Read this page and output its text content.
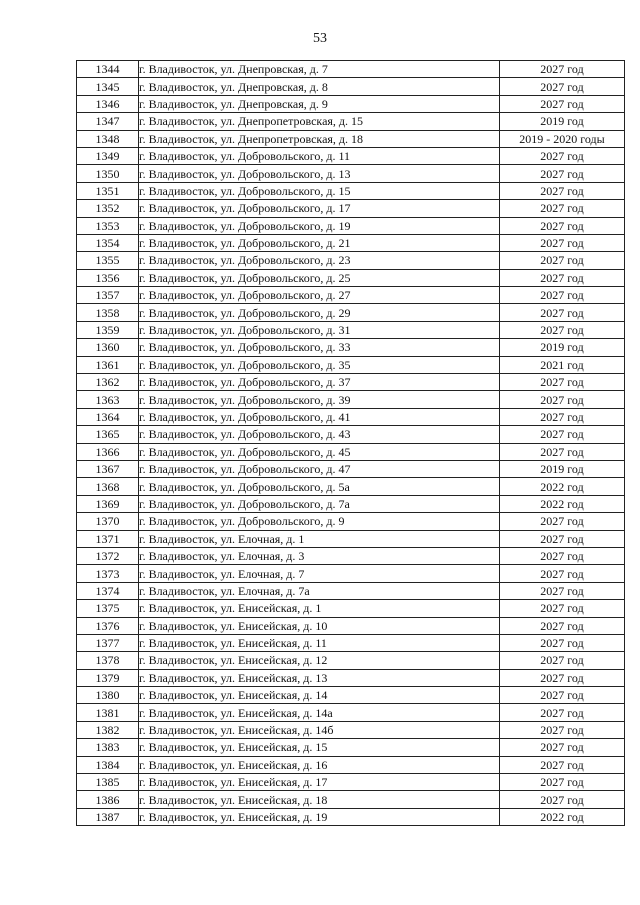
53
1344	г. Владивосток, ул. Днепровская, д. 7	2027 год
1345	г. Владивосток, ул. Днепровская, д. 8	2027 год
1346	г. Владивосток, ул. Днепровская, д. 9	2027 год
1347	г. Владивосток, ул. Днепропетровская, д. 15	2019 год
1348	г. Владивосток, ул. Днепропетровская, д. 18	2019 - 2020 годы
1349	г. Владивосток, ул. Добровольского, д. 11	2027 год
1350	г. Владивосток, ул. Добровольского, д. 13	2027 год
1351	г. Владивосток, ул. Добровольского, д. 15	2027 год
1352	г. Владивосток, ул. Добровольского, д. 17	2027 год
1353	г. Владивосток, ул. Добровольского, д. 19	2027 год
1354	г. Владивосток, ул. Добровольского, д. 21	2027 год
1355	г. Владивосток, ул. Добровольского, д. 23	2027 год
1356	г. Владивосток, ул. Добровольского, д. 25	2027 год
1357	г. Владивосток, ул. Добровольского, д. 27	2027 год
1358	г. Владивосток, ул. Добровольского, д. 29	2027 год
1359	г. Владивосток, ул. Добровольского, д. 31	2027 год
1360	г. Владивосток, ул. Добровольского, д. 33	2019 год
1361	г. Владивосток, ул. Добровольского, д. 35	2021 год
1362	г. Владивосток, ул. Добровольского, д. 37	2027 год
1363	г. Владивосток, ул. Добровольского, д. 39	2027 год
1364	г. Владивосток, ул. Добровольского, д. 41	2027 год
1365	г. Владивосток, ул. Добровольского, д. 43	2027 год
1366	г. Владивосток, ул. Добровольского, д. 45	2027 год
1367	г. Владивосток, ул. Добровольского, д. 47	2019 год
1368	г. Владивосток, ул. Добровольского, д. 5а	2022 год
1369	г. Владивосток, ул. Добровольского, д. 7а	2022 год
1370	г. Владивосток, ул. Добровольского, д. 9	2027 год
1371	г. Владивосток, ул. Елочная, д. 1	2027 год
1372	г. Владивосток, ул. Елочная, д. 3	2027 год
1373	г. Владивосток, ул. Елочная, д. 7	2027 год
1374	г. Владивосток, ул. Елочная, д. 7а	2027 год
1375	г. Владивосток, ул. Енисейская, д. 1	2027 год
1376	г. Владивосток, ул. Енисейская, д. 10	2027 год
1377	г. Владивосток, ул. Енисейская, д. 11	2027 год
1378	г. Владивосток, ул. Енисейская, д. 12	2027 год
1379	г. Владивосток, ул. Енисейская, д. 13	2027 год
1380	г. Владивосток, ул. Енисейская, д. 14	2027 год
1381	г. Владивосток, ул. Енисейская, д. 14а	2027 год
1382	г. Владивосток, ул. Енисейская, д. 14б	2027 год
1383	г. Владивосток, ул. Енисейская, д. 15	2027 год
1384	г. Владивосток, ул. Енисейская, д. 16	2027 год
1385	г. Владивосток, ул. Енисейская, д. 17	2027 год
1386	г. Владивосток, ул. Енисейская, д. 18	2027 год
1387	г. Владивосток, ул. Енисейская, д. 19	2022 год
